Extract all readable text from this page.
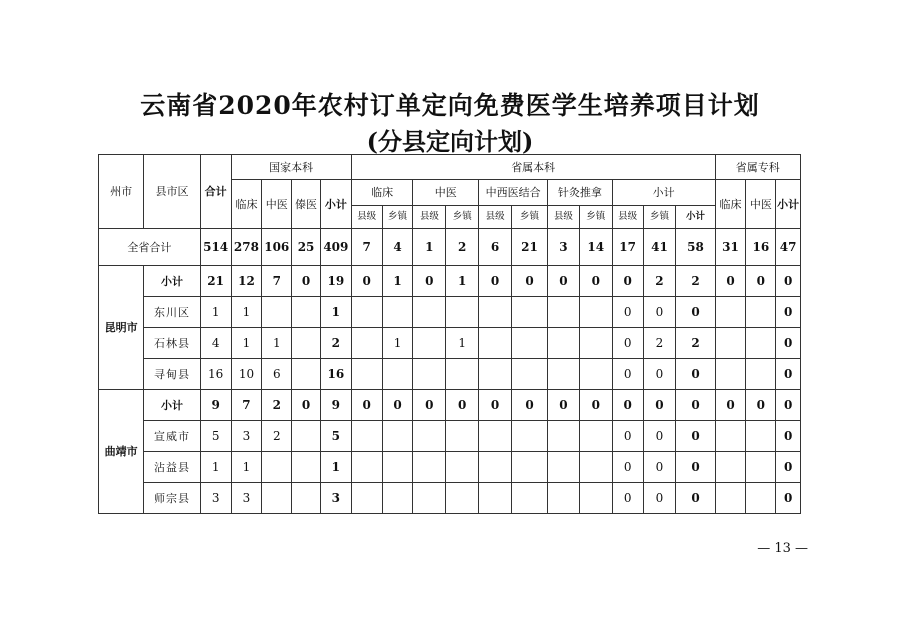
云南省2020年农村订单定向免费医学生培养项目计划
(分县定向计划)
州市	县市区	合计	国家本科				省属本科											省属专科		
			临床	中医	傣医	小计	临床		中医		中西医结合		针灸推拿		小计			临床	中医	小计
							县级	乡镇	县级	乡镇	县级	乡镇	县级	乡镇	县级	乡镇	小计			
全省合计		514	278	106	25	409	7	4	1	2	6	21	3	14	17	41	58	31	16	47
昆明市	小计	21	12	7	0	19	0	1	0	1	0	0	0	0	0	2	2	0	0	0
	东川区	1	1			1									0	0	0			0
	石林县	4	1	1		2		1		1					0	2	2			0
	寻甸县	16	10	6		16									0	0	0			0
曲靖市	小计	9	7	2	0	9	0	0	0	0	0	0	0	0	0	0	0	0	0	0
	宣威市	5	3	2		5									0	0	0			0
	沾益县	1	1			1									0	0	0			0
	师宗县	3	3			3									0	0	0			0
— 13 —
